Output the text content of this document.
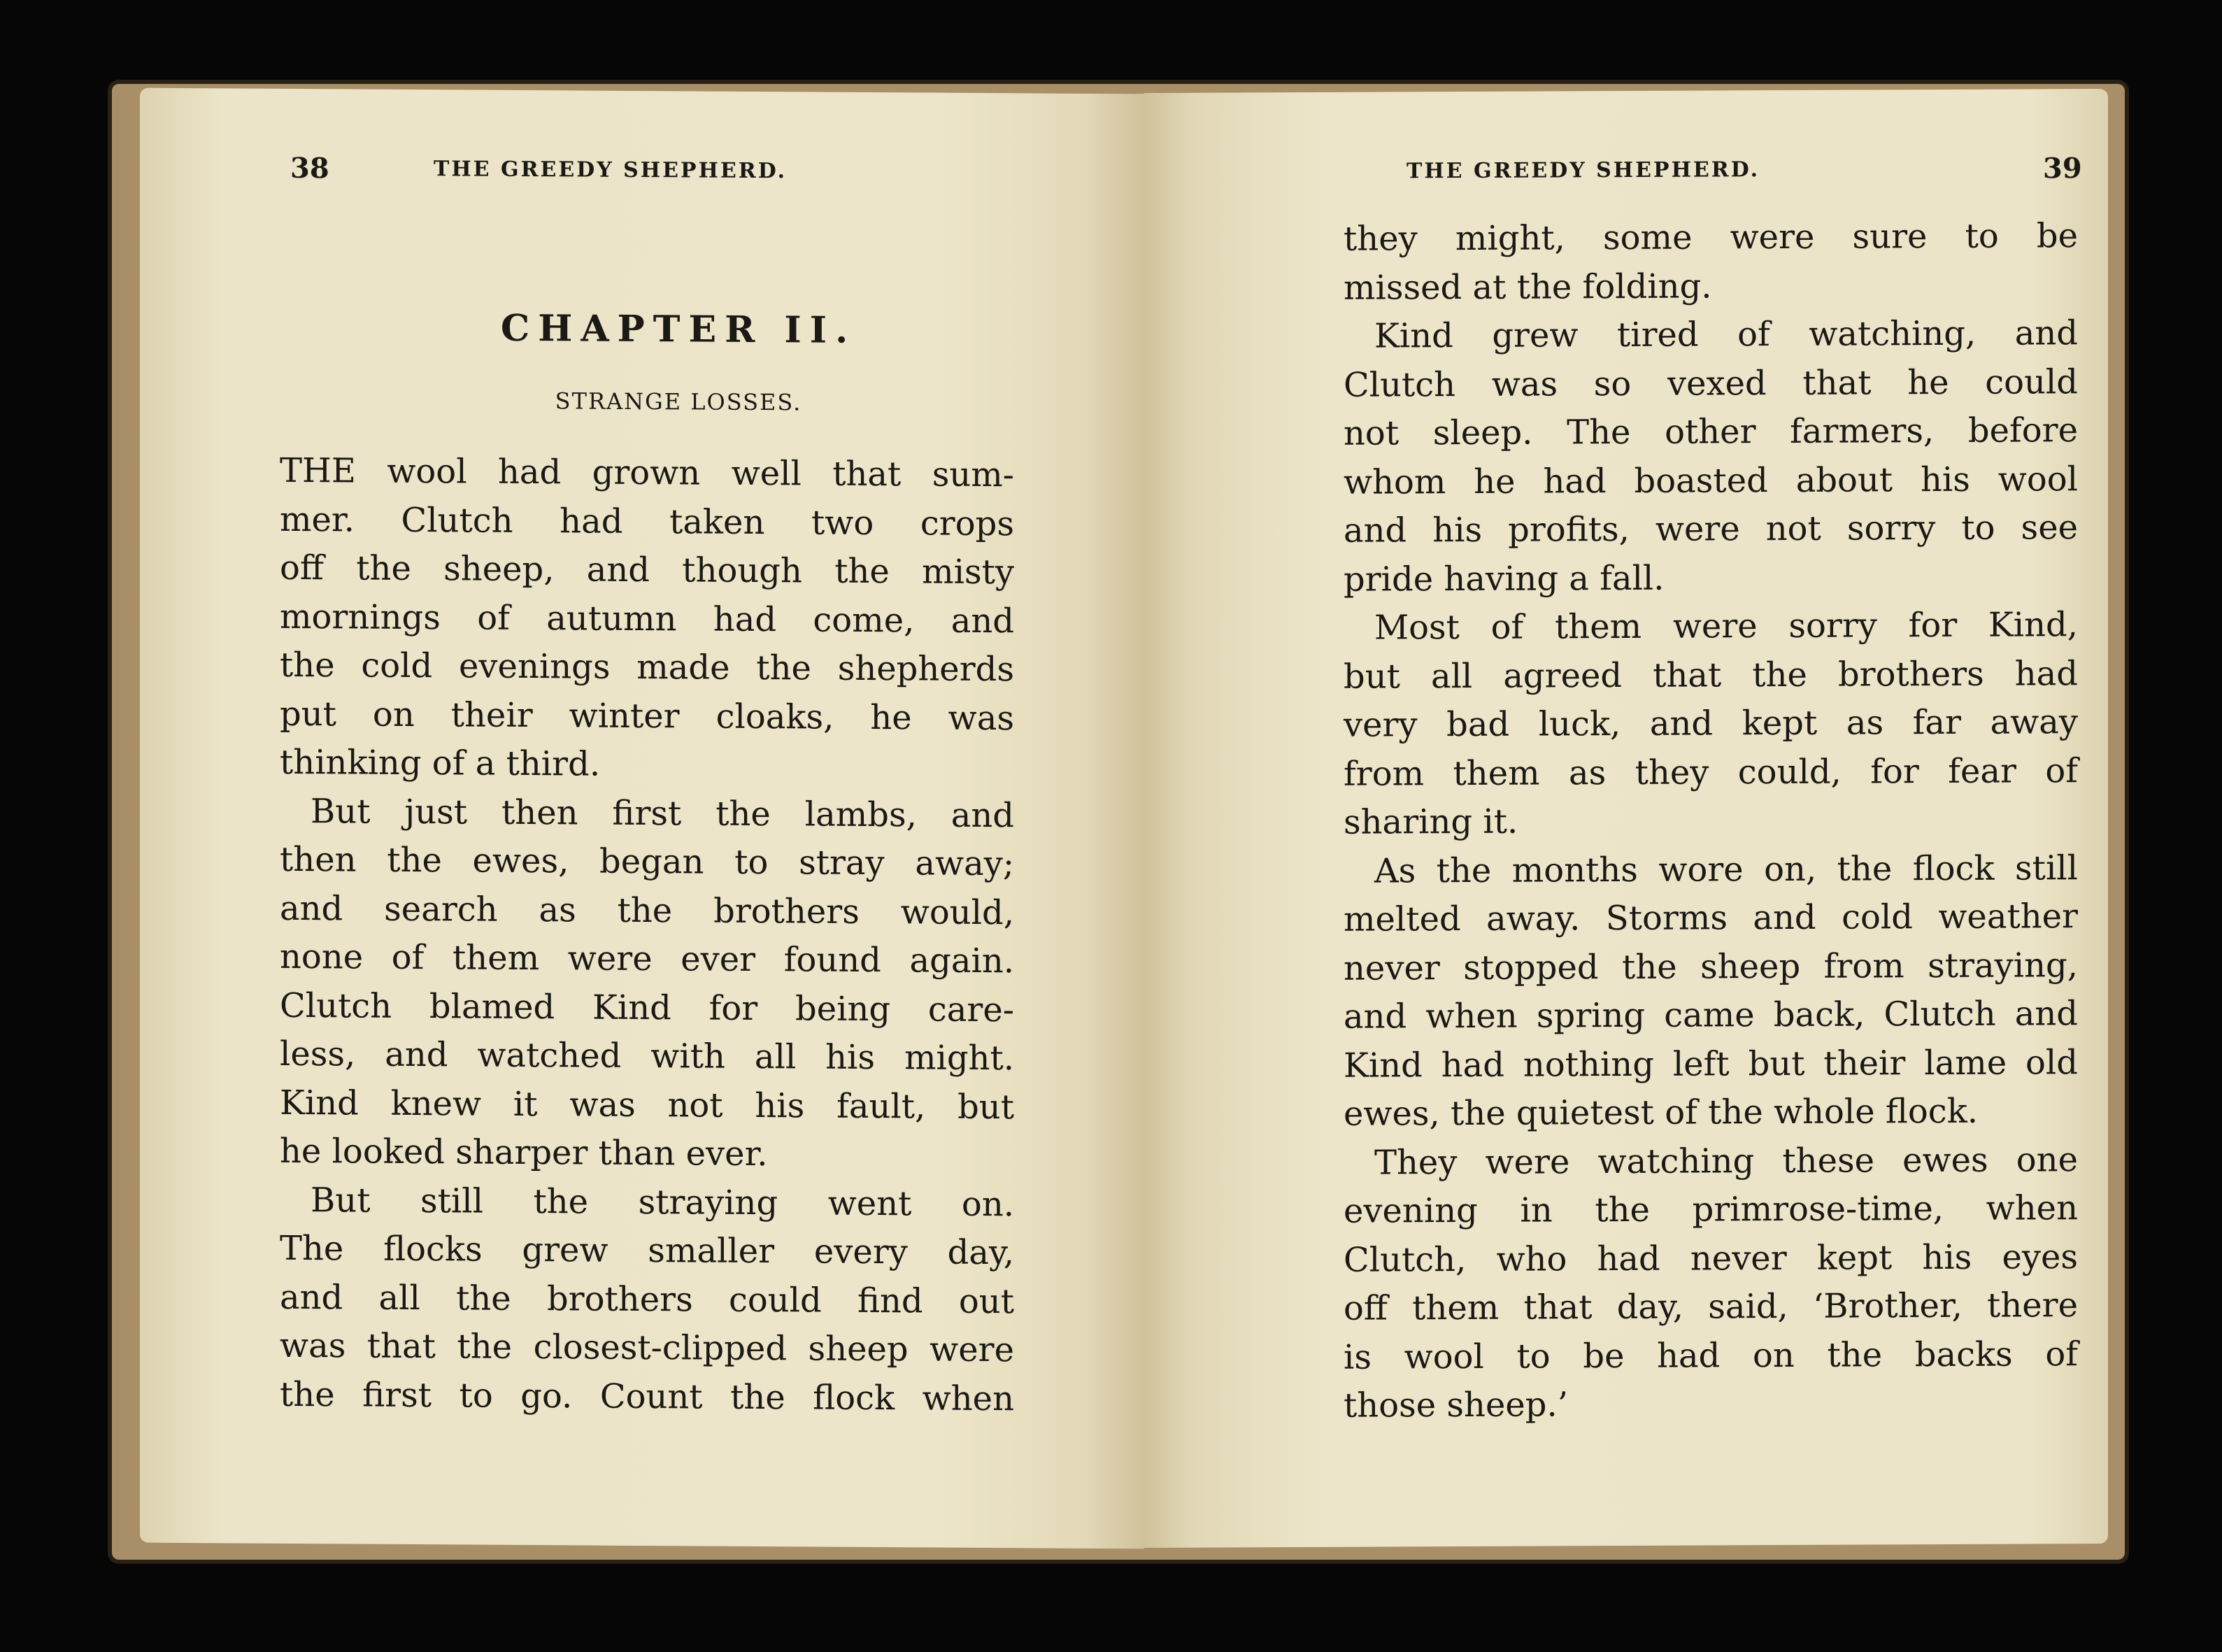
38	THE GREEDY SHEPHERD.
CHAPTER II.
STRANGE LOSSES.
THE wool had grown well that sum-
mer. Clutch had taken two crops
off the sheep, and though the misty
mornings of autumn had come, and
the cold evenings made the shepherds
put on their winter cloaks, he was
thinking of a third.
But just then first the lambs, and
then the ewes, began to stray away;
and search as the brothers would,
none of them were ever found again.
Clutch blamed Kind for being care-
less, and watched with all his might.
Kind knew it was not his fault, but
he looked sharper than ever.
But still the straying went on.
The flocks grew smaller every day,
and all the brothers could find out
was that the closest-clipped sheep were
the first to go. Count the flock when
THE GREEDY SHEPHERD.	39
they might, some were sure to be
missed at the folding.
Kind grew tired of watching, and
Clutch was so vexed that he could
not sleep. The other farmers, before
whom he had boasted about his wool
and his profits, were not sorry to see
pride having a fall.
Most of them were sorry for Kind,
but all agreed that the brothers had
very bad luck, and kept as far away
from them as they could, for fear of
sharing it.
As the months wore on, the flock still
melted away. Storms and cold weather
never stopped the sheep from straying,
and when spring came back, Clutch and
Kind had nothing left but their lame old
ewes, the quietest of the whole flock.
They were watching these ewes one
evening in the primrose-time, when
Clutch, who had never kept his eyes
off them that day, said, ‘Brother, there
is wool to be had on the backs of
those sheep.’
